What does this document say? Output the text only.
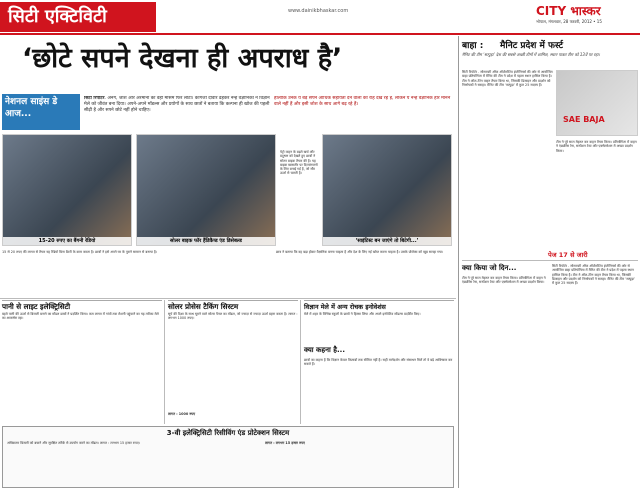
सिटी एक्टिविटी	www.dainikbhaskar.com	CITY भास्कर
भोपाल, मंगलवार, 28 फरवरी, 2012 • 15
‘छोटे सपने देखना ही अपराध है’
नेशनल साइंस डे आज...
सिटी रिपोर्टर. अनंग, जोश और अरमानों का वही मौसम फिर लौटा। कागजी दीवारें ढहकर नन्हे वैज्ञानिकों ने विज्ञान मेले को जीवंत बना दिया। अपने-अपने मॉडल्स और प्रयोगों के साथ छात्रों ने बताया कि कल्पना ही खोज की पहली सीढ़ी है और सपने छोटे नहीं होने चाहिए।
हालांकि उनके ये बड़े सपने आर्थिक सहायता देने वालों की राह देख रहे हैं, लेकिन ये नन्हे वैज्ञानिक हार मानने वाले नहीं हैं और इसी जोश के साथ आगे बढ़ रहे हैं।
15-20 रुपए का बैंगनी रेडियो	सोलर बाइक फॉर हैंडिकैप्ड एंड डिसेबल्ड
पेट्रो वाहन के बढ़ते खर्च और प्रदूषण को देखते हुए छात्रों ने सोलर बाइक तैयार की है। यह बाइक खासतौर पर दिव्यांगजनों के लिए बनाई गई है, जो सौर ऊर्जा से चलती है।
‘साइंटिस्ट बन जाएंगे तो बिटेगी...’
15 से 20 रुपए की लागत से तैयार यह रेडियो बिना बैटरी के काम करता है। छात्रों ने इसे अपने घर के पुराने सामान से बनाया है।	छात्र ने बताया कि वह बड़ा होकर वैज्ञानिक बनना चाहता है और देश के लिए नई खोज करना चाहता है। उसके प्रोजेक्ट को खूब सराहा गया।
पानी से लाइट इलेक्ट्रिसिटी
बहते पानी की ऊर्जा से बिजली बनाने का मॉडल छात्रों ने प्रदर्शित किया। कम लागत में गांवों तक रोशनी पहुंचाने का यह तरीका मेले का आकर्षण रहा।
सोलर प्रोसेस टैकिंग सिस्टम
सूर्य की दिशा के साथ घूमने वाले सोलर पैनल का मॉडल, जो ज्यादा से ज्यादा ऊर्जा ग्रहण करता है। लागत : लगभग 1000 रुपए।
लागत : 1000 रुपए
विज्ञान मेले में अन्य रोचक इनोवेशंस
मेले में शहर के विभिन्न स्कूलों के छात्रों ने हिस्सा लिया और अपने इनोवेटिव मॉडल्स प्रदर्शित किए।
क्या कहना है...
छात्रों का कहना है कि विज्ञान केवल किताबों तक सीमित नहीं है। सही मार्गदर्शन और संसाधन मिलें तो वे बड़े आविष्कार कर सकते हैं।
3-वी इलेक्ट्रिसिटी रिसीविंग एंड प्रोटेक्शन सिस्टम
अधिकतम बिजली को बचाने और सुरक्षित तरीके से उपयोग करने का मॉडल। लागत : लगभग 15 हजार रुपए।	लागत : लगभग 15 हजार रुपए
बाहा : मैनिट प्रदेश में फर्स्ट
मैनिट की टीम ‘सत्पुड़ा’ देश की सबसे अच्छी टीमों में शामिल, स्थान पाकर टीम को 13वें पर रहा।
सिटी रिपोर्टर . सोसायटी ऑफ ऑटोमोटिव इंजीनियर्स की ओर से आयोजित बाहा प्रतियोगिता में मैनिट की टीम ने प्रदेश में पहला स्थान हासिल किया है। टीम ने ऑल-टेरेन वाहन तैयार किया था, जिसकी डिजाइन और प्रदर्शन को निर्णायकों ने सराहा। मैनिट की टीम ‘सत्पुड़ा’ में कुल 25 सदस्य हैं।
SAE BAJA
टीम ने पूरे साल मेहनत कर वाहन तैयार किया। प्रतियोगिता में वाहन ने एंड्योरेंस रेस, सस्पेंशन टेस्ट और एक्सेलरेशन में अच्छा प्रदर्शन किया।
पेज 17 से जारी
क्या किया जो दिन...
टीम ने पूरे साल मेहनत कर वाहन तैयार किया। प्रतियोगिता में वाहन ने एंड्योरेंस रेस, सस्पेंशन टेस्ट और एक्सेलरेशन में अच्छा प्रदर्शन किया।
सिटी रिपोर्टर . सोसायटी ऑफ ऑटोमोटिव इंजीनियर्स की ओर से आयोजित बाहा प्रतियोगिता में मैनिट की टीम ने प्रदेश में पहला स्थान हासिल किया है। टीम ने ऑल-टेरेन वाहन तैयार किया था, जिसकी डिजाइन और प्रदर्शन को निर्णायकों ने सराहा। मैनिट की टीम ‘सत्पुड़ा’ में कुल 25 सदस्य हैं।
